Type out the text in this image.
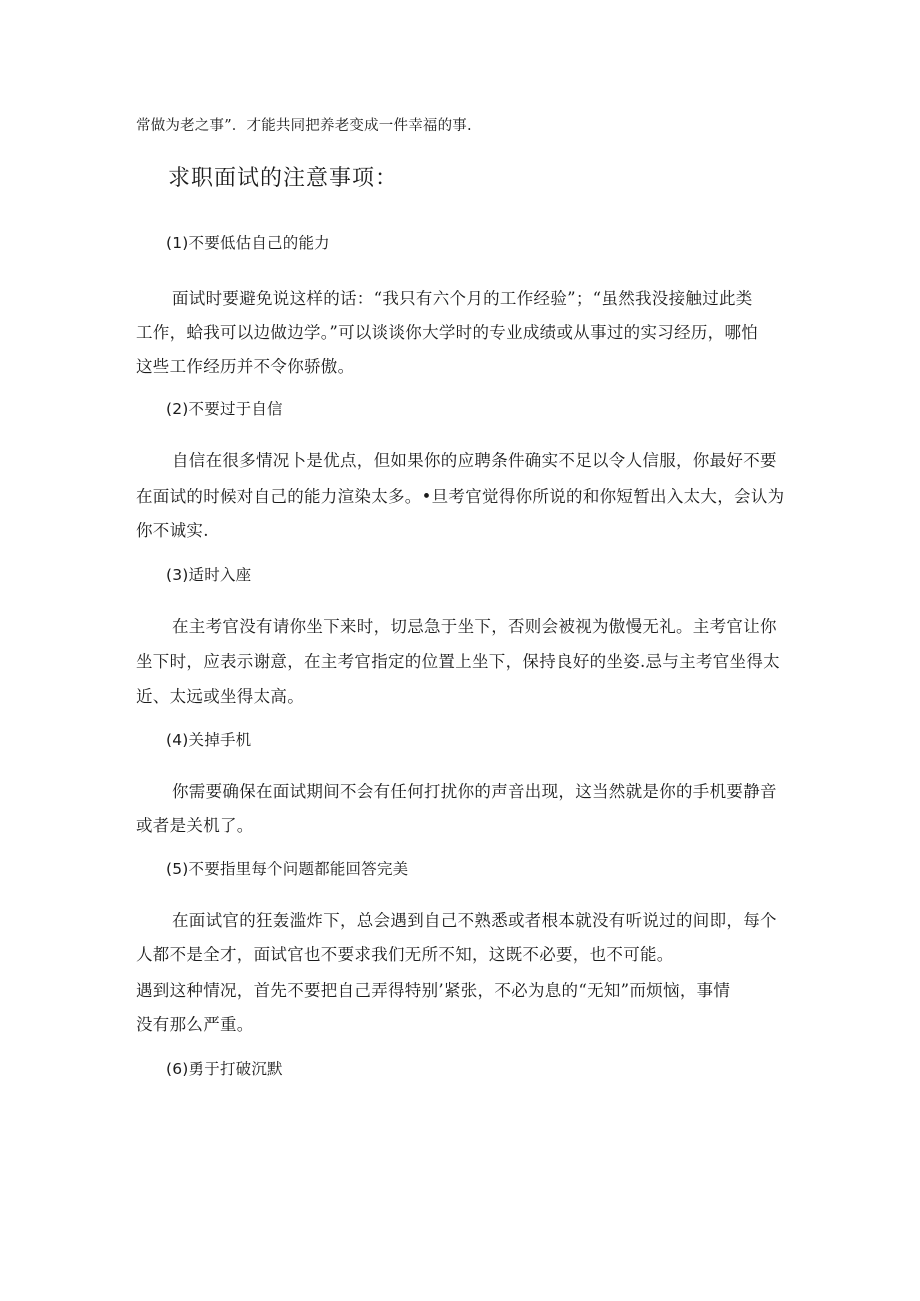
常做为老之事”．才能共同把养老变成一件幸福的事.

求职面试的注意事项：

(1)不要低估自己的能力

面试时要避免说这样的话：“我只有六个月的工作经验”；“虽然我没接触过此类

工作，蛤我可以边做边学。”可以谈谈你大学时的专业成绩或从事过的实习经历，哪怕

这些工作经历并不令你骄傲。

(2)不要过于自信

自信在很多情况卜是优点，但如果你的应聘条件确实不足以令人信服，你最好不要

在面试的时候对自己的能力渲染太多。•旦考官觉得你所说的和你短暂出入太大，会认为

你不诚实.

(3)适时入座

在主考官没有请你坐下来时，切忌急于坐下，否则会被视为傲慢无礼。主考官让你

坐下时，应表示谢意，在主考官指定的位置上坐下，保持良好的坐姿.忌与主考官坐得太

近、太远或坐得太高。

(4)关掉手机

你需要确保在面试期间不会有任何打扰你的声音出现，这当然就是你的手机要静音

或者是关机了。

(5)不要指里每个问题都能回答完美

在面试官的狂轰滥炸下，总会遇到自己不熟悉或者根本就没有听说过的间即，每个

人都不是全才，面试官也不要求我们无所不知，这既不必要，也不可能。

遇到这种情况，首先不要把自己弄得特别’紧张，不必为息的“无知”而烦恼，事情

没有那么严重。

(6)勇于打破沉默
